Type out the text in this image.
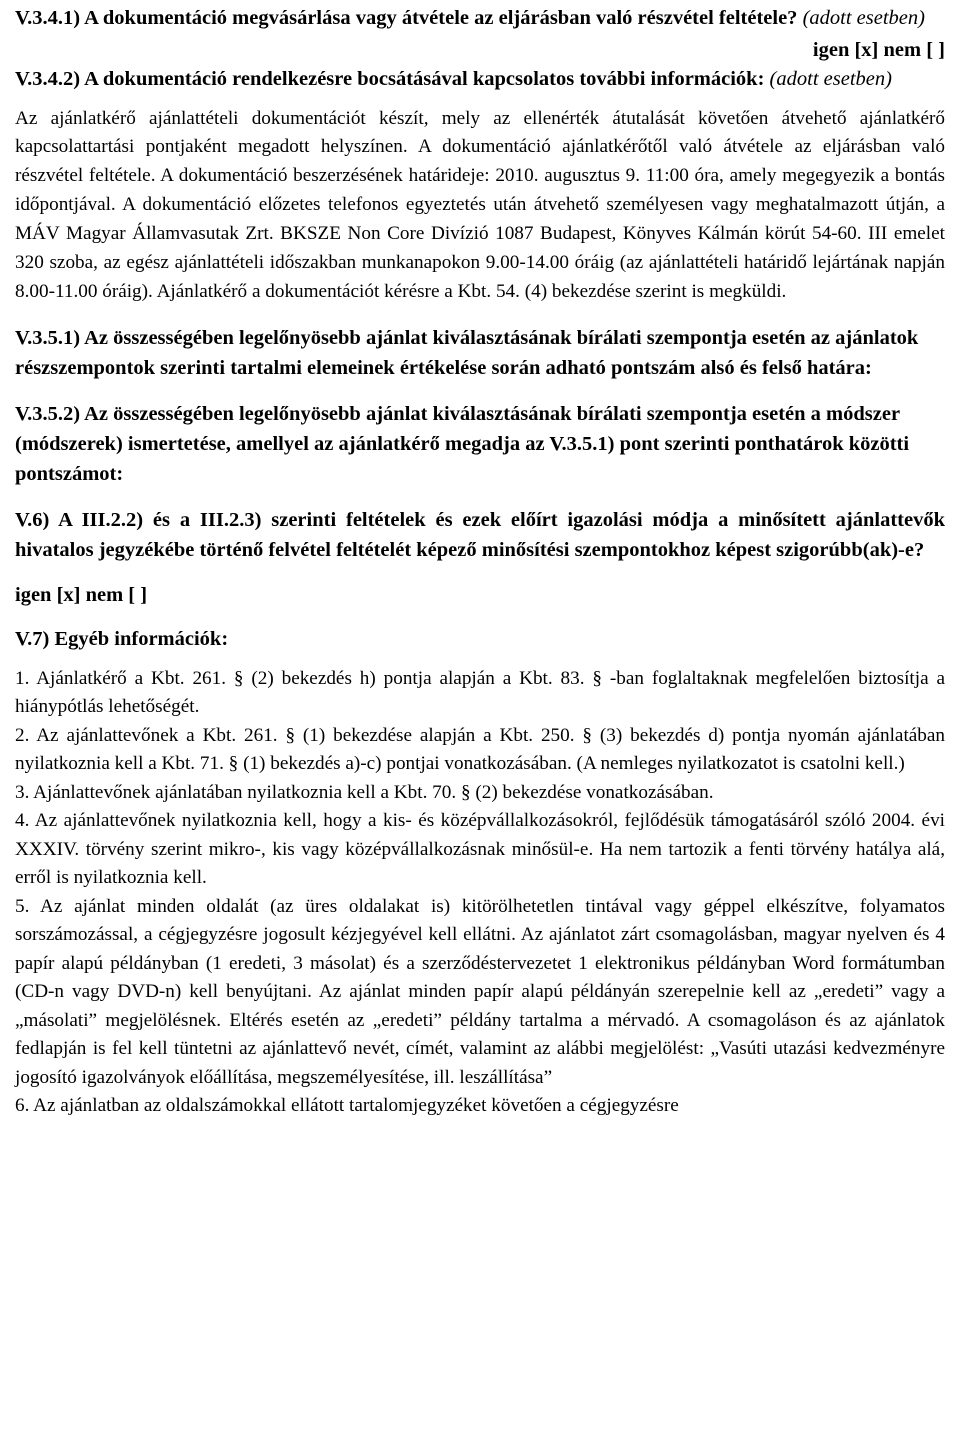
V.3.4.1) A dokumentáció megvásárlása vagy átvétele az eljárásban való részvétel feltétele? (adott esetben)
igen [x] nem [ ]
V.3.4.2) A dokumentáció rendelkezésre bocsátásával kapcsolatos további információk: (adott esetben)

Az ajánlatkérő ajánlattételi dokumentációt készít, mely az ellenérték átutalását követően átvehető ajánlatkérő kapcsolattartási pontjaként megadott helyszínen. A dokumentáció ajánlatkérőtől való átvétele az eljárásban való részvétel feltétele. A dokumentáció beszerzésének határideje: 2010. augusztus 9. 11:00 óra, amely megegyezik a bontás időpontjával. A dokumentáció előzetes telefonos egyeztetés után átvehető személyesen vagy meghatalmazott útján, a MÁV Magyar Államvasutak Zrt. BKSZE Non Core Divízió 1087 Budapest, Könyves Kálmán körút 54-60. III emelet 320 szoba, az egész ajánlattételi időszakban munkanapokon 9.00-14.00 óráig (az ajánlattételi határidő lejártának napján 8.00-11.00 óráig). Ajánlatkérő a dokumentációt kérésre a Kbt. 54. (4) bekezdése szerint is megküldi.

V.3.5.1) Az összességében legelőnyösebb ajánlat kiválasztásának bírálati szempontja esetén az ajánlatok részszempontok szerinti tartalmi elemeinek értékelése során adható pontszám alsó és felső határa:

V.3.5.2) Az összességében legelőnyösebb ajánlat kiválasztásának bírálati szempontja esetén a módszer (módszerek) ismertetése, amellyel az ajánlatkérő megadja az V.3.5.1) pont szerinti ponthatárok közötti pontszámot:

V.6) A III.2.2) és a III.2.3) szerinti feltételek és ezek előírt igazolási módja a minősített ajánlattevők hivatalos jegyzékébe történő felvétel feltételét képező minősítési szempontokhoz képest szigorúbb(ak)-e?

igen [x] nem [ ]

V.7) Egyéb információk:

1. Ajánlatkérő a Kbt. 261. § (2) bekezdés h) pontja alapján a Kbt. 83. § -ban foglaltaknak megfelelően biztosítja a hiánypótlás lehetőségét.

2. Az ajánlattevőnek a Kbt. 261. § (1) bekezdése alapján a Kbt. 250. § (3) bekezdés d) pontja nyomán ajánlatában nyilatkoznia kell a Kbt. 71. § (1) bekezdés a)-c) pontjai vonatkozásában. (A nemleges nyilatkozatot is csatolni kell.)

3. Ajánlattevőnek ajánlatában nyilatkoznia kell a Kbt. 70. § (2) bekezdése vonatkozásában.

4. Az ajánlattevőnek nyilatkoznia kell, hogy a kis- és középvállalkozásokról, fejlődésük támogatásáról szóló 2004. évi XXXIV. törvény szerint mikro-, kis vagy középvállalkozásnak minősül-e. Ha nem tartozik a fenti törvény hatálya alá, erről is nyilatkoznia kell.

5. Az ajánlat minden oldalát (az üres oldalakat is) kitörölhetetlen tintával vagy géppel elkészítve, folyamatos sorszámozással, a cégjegyzésre jogosult kézjegyével kell ellátni. Az ajánlatot zárt csomagolásban, magyar nyelven és 4 papír alapú példányban (1 eredeti, 3 másolat) és a szerződéstervezetet 1 elektronikus példányban Word formátumban (CD-n vagy DVD-n) kell benyújtani. Az ajánlat minden papír alapú példányán szerepelnie kell az „eredeti” vagy a „másolati” megjelölésnek. Eltérés esetén az „eredeti” példány tartalma a mérvadó. A csomagoláson és az ajánlatok fedlapján is fel kell tüntetni az ajánlattevő nevét, címét, valamint az alábbi megjelölést: „Vasúti utazási kedvezményre jogosító igazolványok előállítása, megszemélyesítése, ill. leszállítása”

6. Az ajánlatban az oldalszámokkal ellátott tartalomjegyzéket követően a cégjegyzésre
